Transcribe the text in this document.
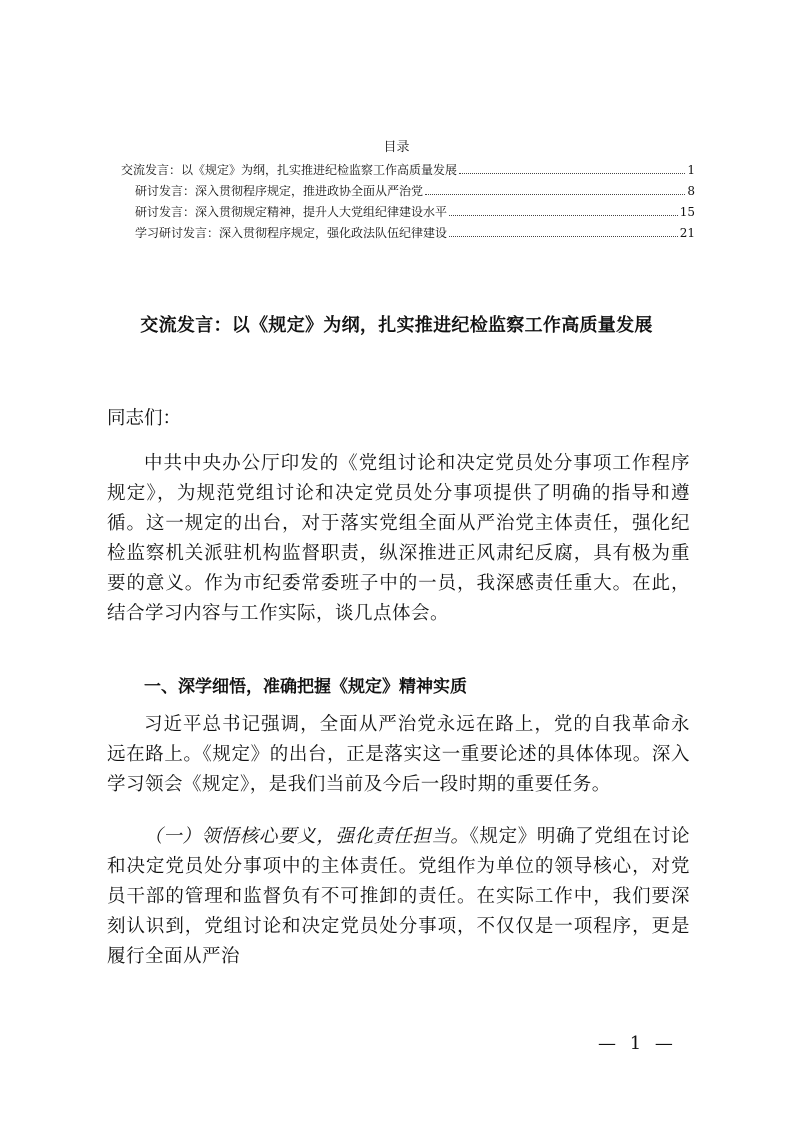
目录
交流发言：以《规定》为纲，扎实推进纪检监察工作高质量发展	1
研讨发言：深入贯彻程序规定，推进政协全面从严治党	8
研讨发言：深入贯彻规定精神，提升人大党组纪律建设水平	15
学习研讨发言：深入贯彻程序规定，强化政法队伍纪律建设	21
交流发言：以《规定》为纲，扎实推进纪检监察工作高质量发展
同志们：
中共中央办公厅印发的《党组讨论和决定党员处分事项工作程序规定》，为规范党组讨论和决定党员处分事项提供了明确的指导和遵循。这一规定的出台，对于落实党组全面从严治党主体责任，强化纪检监察机关派驻机构监督职责，纵深推进正风肃纪反腐，具有极为重要的意义。作为市纪委常委班子中的一员，我深感责任重大。在此，结合学习内容与工作实际，谈几点体会。
一、深学细悟，准确把握《规定》精神实质
习近平总书记强调，全面从严治党永远在路上，党的自我革命永远在路上。《规定》的出台，正是落实这一重要论述的具体体现。深入学习领会《规定》，是我们当前及今后一段时期的重要任务。
（一）领悟核心要义，强化责任担当。《规定》明确了党组在讨论和决定党员处分事项中的主体责任。党组作为单位的领导核心，对党员干部的管理和监督负有不可推卸的责任。在实际工作中，我们要深刻认识到，党组讨论和决定党员处分事项，不仅仅是一项程序，更是履行全面从严治
— 1 —
